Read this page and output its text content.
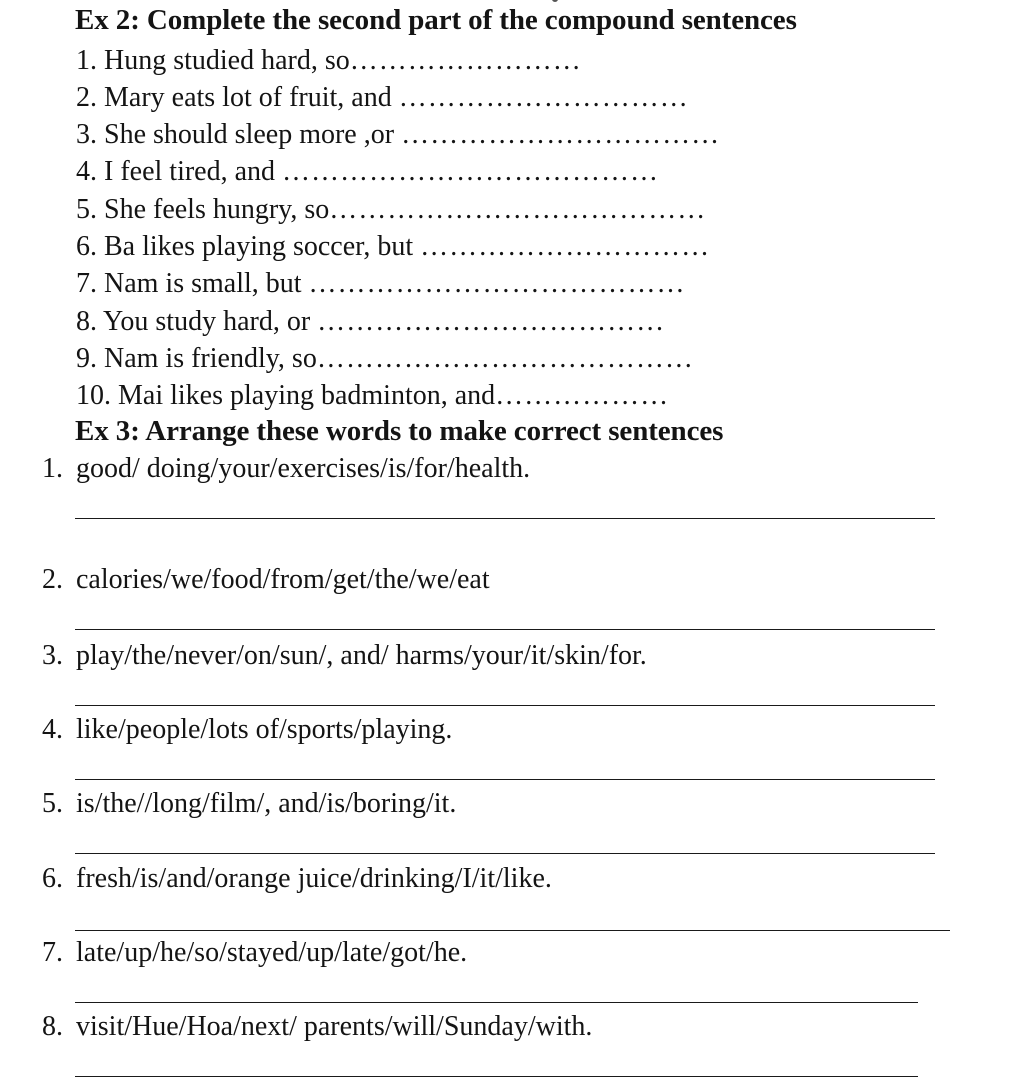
Ex 2: Complete the second part of the compound sentences
1. Hung studied hard, so……………………
2. Mary eats lot of fruit, and …………………………
3. She should sleep more ,or ……………………………
4. I feel tired, and …………………………………
5. She feels hungry, so…………………………………
6. Ba likes playing soccer, but …………………………
7. Nam is small, but …………………………………
8. You study hard, or ………………………………
9. Nam is friendly, so…………………………………
10. Mai likes playing badminton, and………………
Ex 3: Arrange these words to make correct sentences
1. good/ doing/your/exercises/is/for/health.
2. calories/we/food/from/get/the/we/eat
3. play/the/never/on/sun/, and/ harms/your/it/skin/for.
4. like/people/lots of/sports/playing.
5. is/the//long/film/, and/is/boring/it.
6. fresh/is/and/orange juice/drinking/I/it/like.
7. late/up/he/so/stayed/up/late/got/he.
8. visit/Hue/Hoa/next/ parents/will/Sunday/with.
